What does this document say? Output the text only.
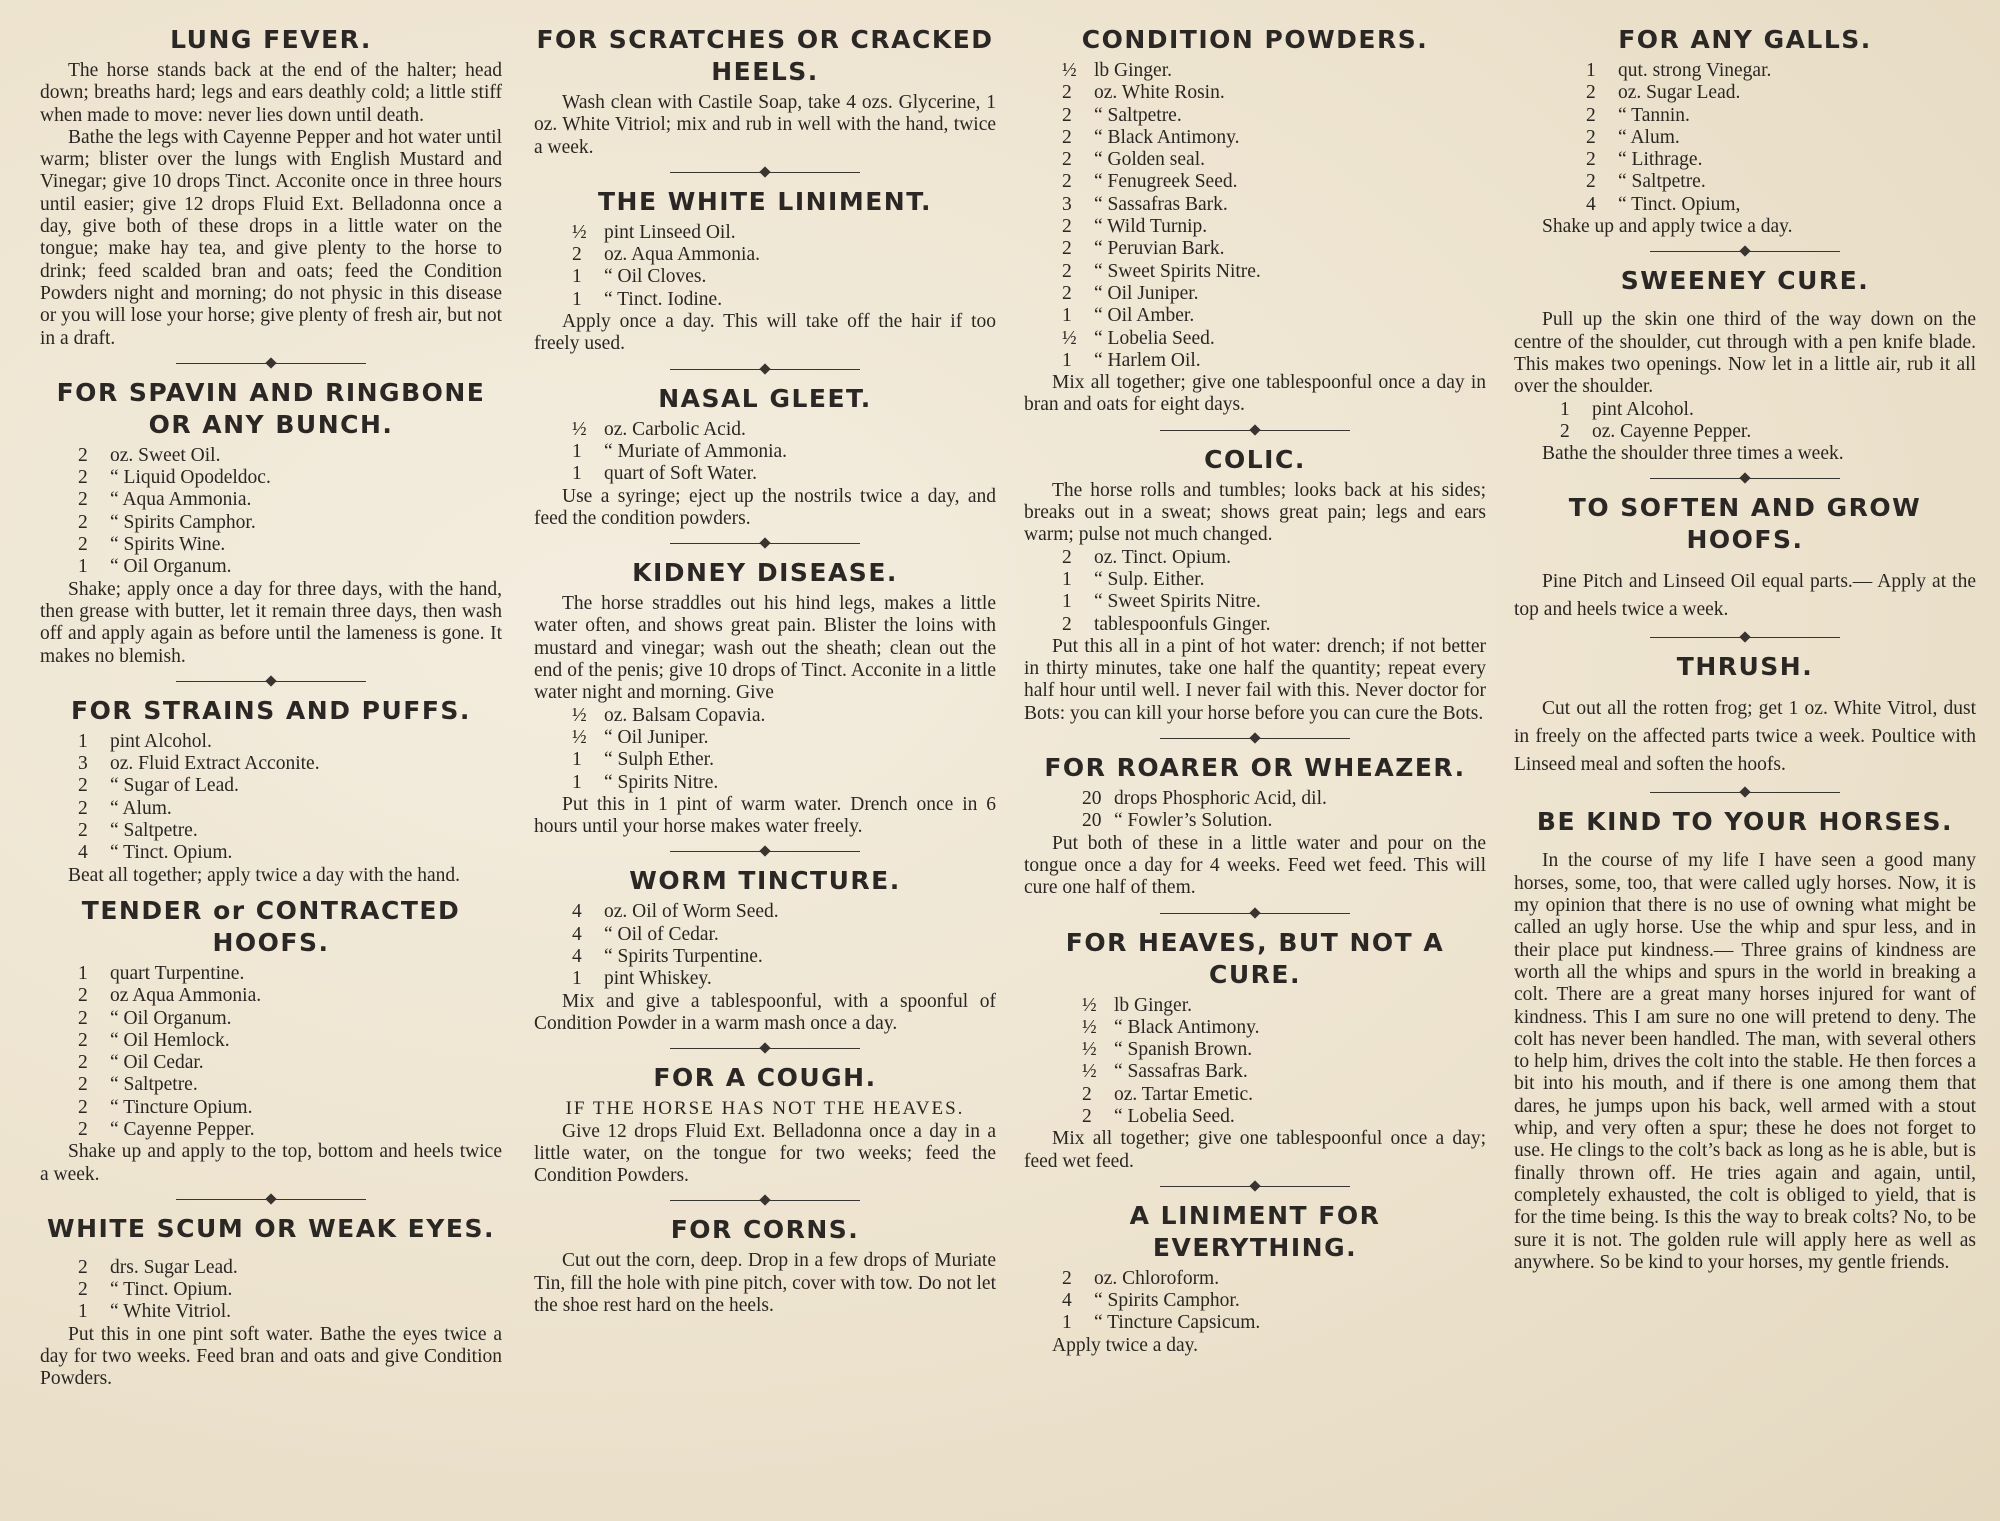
LUNG FEVER.

The horse stands back at the end of the halter; head down; breaths hard; legs and ears deathly cold; a little stiff when made to move: never lies down until death.

Bathe the legs with Cayenne Pepper and hot water until warm; blister over the lungs with English Mustard and Vinegar; give 10 drops Tinct. Acconite once in three hours until easier; give 12 drops Fluid Ext. Belladonna once a day, give both of these drops in a little water on the tongue; make hay tea, and give plenty to the horse to drink; feed scalded bran and oats; feed the Condition Powders night and morning; do not physic in this disease or you will lose your horse; give plenty of fresh air, but not in a draft.

FOR SPAVIN AND RINGBONE OR ANY BUNCH.
2	oz. Sweet Oil.
2	“ Liquid Opodeldoc.
2	“ Aqua Ammonia.
2	“ Spirits Camphor.
2	“ Spirits Wine.
1	“ Oil Organum.

Shake; apply once a day for three days, with the hand, then grease with butter, let it remain three days, then wash off and apply again as before until the lameness is gone. It makes no blemish.

FOR STRAINS AND PUFFS.
1	pint Alcohol.
3	oz. Fluid Extract Acconite.
2	“ Sugar of Lead.
2	“ Alum.
2	“ Saltpetre.
4	“ Tinct. Opium.

Beat all together; apply twice a day with the hand.

TENDER or CONTRACTED HOOFS.
1	quart Turpentine.
2	oz Aqua Ammonia.
2	“ Oil Organum.
2	“ Oil Hemlock.
2	“ Oil Cedar.
2	“ Saltpetre.
2	“ Tincture Opium.
2	“ Cayenne Pepper.

Shake up and apply to the top, bottom and heels twice a week.

WHITE SCUM OR WEAK EYES.
2	drs. Sugar Lead.
2	“ Tinct. Opium.
1	“ White Vitriol.

Put this in one pint soft water. Bathe the eyes twice a day for two weeks. Feed bran and oats and give Condition Powders.

FOR SCRATCHES OR CRACKED HEELS.

Wash clean with Castile Soap, take 4 ozs. Glycerine, 1 oz. White Vitriol; mix and rub in well with the hand, twice a week.

THE WHITE LINIMENT.
½ pint Linseed Oil.
2	oz. Aqua Ammonia.
1	“ Oil Cloves.
1	“ Tinct. Iodine.

Apply once a day. This will take off the hair if too freely used.

NASAL GLEET.
½ oz. Carbolic Acid.
1	“ Muriate of Ammonia.
1	quart of Soft Water.

Use a syringe; eject up the nostrils twice a day, and feed the condition powders.

KIDNEY DISEASE.

The horse straddles out his hind legs, makes a little water often, and shows great pain. Blister the loins with mustard and vinegar; wash out the sheath; clean out the end of the penis; give 10 drops of Tinct. Acconite in a little water night and morning. Give

½ oz. Balsam Copavia.
½ “ Oil Juniper.
1	“ Sulph Ether.
1	“ Spirits Nitre.

Put this in 1 pint of warm water. Drench once in 6 hours until your horse makes water freely.

WORM TINCTURE.
4	oz. Oil of Worm Seed.
4	“ Oil of Cedar.
4	“ Spirits Turpentine.
1	pint Whiskey.

Mix and give a tablespoonful, with a spoonful of Condition Powder in a warm mash once a day.

FOR A COUGH.
IF THE HORSE HAS NOT THE HEAVES.

Give 12 drops Fluid Ext. Belladonna once a day in a little water, on the tongue for two weeks; feed the Condition Powders.

FOR CORNS.

Cut out the corn, deep. Drop in a few drops of Muriate Tin, fill the hole with pine pitch, cover with tow. Do not let the shoe rest hard on the heels.

CONDITION POWDERS.
½ lb Ginger.
2	oz. White Rosin.
2	“ Saltpetre.
2	“ Black Antimony.
2	“ Golden seal.
2	“ Fenugreek Seed.
3	“ Sassafras Bark.
2	“ Wild Turnip.
2	“ Peruvian Bark.
2	“ Sweet Spirits Nitre.
2	“ Oil Juniper.
1	“ Oil Amber.
½ “ Lobelia Seed.
1	“ Harlem Oil.

Mix all together; give one tablespoonful once a day in bran and oats for eight days.

COLIC.

The horse rolls and tumbles; looks back at his sides; breaks out in a sweat; shows great pain; legs and ears warm; pulse not much changed.

2	oz. Tinct. Opium.
1	“ Sulp. Either.
1	“ Sweet Spirits Nitre.
2	tablespoonfuls Ginger.

Put this all in a pint of hot water: drench; if not better in thirty minutes, take one half the quantity; repeat every half hour until well. I never fail with this. Never doctor for Bots: you can kill your horse before you can cure the Bots.

FOR ROARER OR WHEAZER.
20 drops Phosphoric Acid, dil.
20 “ Fowler’s Solution.

Put both of these in a little water and pour on the tongue once a day for 4 weeks. Feed wet feed. This will cure one half of them.

FOR HEAVES, BUT NOT A CURE.
½ lb Ginger.
½ “ Black Antimony.
½ “ Spanish Brown.
½ “ Sassafras Bark.
2	oz. Tartar Emetic.
2	“ Lobelia Seed.

Mix all together; give one tablespoonful once a day; feed wet feed.

A LINIMENT FOR EVERYTHING.
2	oz. Chloroform.
4	“ Spirits Camphor.
1	“ Tincture Capsicum.

Apply twice a day.

FOR ANY GALLS.
1	qut. strong Vinegar.
2	oz. Sugar Lead.
2	“ Tannin.
2	“ Alum.
2	“ Lithrage.
2	“ Saltpetre.
4	“ Tinct. Opium,

Shake up and apply twice a day.

SWEENEY CURE.

Pull up the skin one third of the way down on the centre of the shoulder, cut through with a pen knife blade. This makes two openings. Now let in a little air, rub it all over the shoulder.

1	pint Alcohol.
2	oz. Cayenne Pepper.

Bathe the shoulder three times a week.

TO SOFTEN AND GROW HOOFS.

Pine Pitch and Linseed Oil equal parts.— Apply at the top and heels twice a week.

THRUSH.

Cut out all the rotten frog; get 1 oz. White Vitrol, dust in freely on the affected parts twice a week. Poultice with Linseed meal and soften the hoofs.

BE KIND TO YOUR HORSES.

In the course of my life I have seen a good many horses, some, too, that were called ugly horses. Now, it is my opinion that there is no use of owning what might be called an ugly horse. Use the whip and spur less, and in their place put kindness.— Three grains of kindness are worth all the whips and spurs in the world in breaking a colt. There are a great many horses injured for want of kindness. This I am sure no one will pretend to deny. The colt has never been handled. The man, with several others to help him, drives the colt into the stable. He then forces a bit into his mouth, and if there is one among them that dares, he jumps upon his back, well armed with a stout whip, and very often a spur; these he does not forget to use. He clings to the colt’s back as long as he is able, but is finally thrown off. He tries again and again, until, completely exhausted, the colt is obliged to yield, that is for the time being. Is this the way to break colts? No, to be sure it is not. The golden rule will apply here as well as anywhere. So be kind to your horses, my gentle friends.
